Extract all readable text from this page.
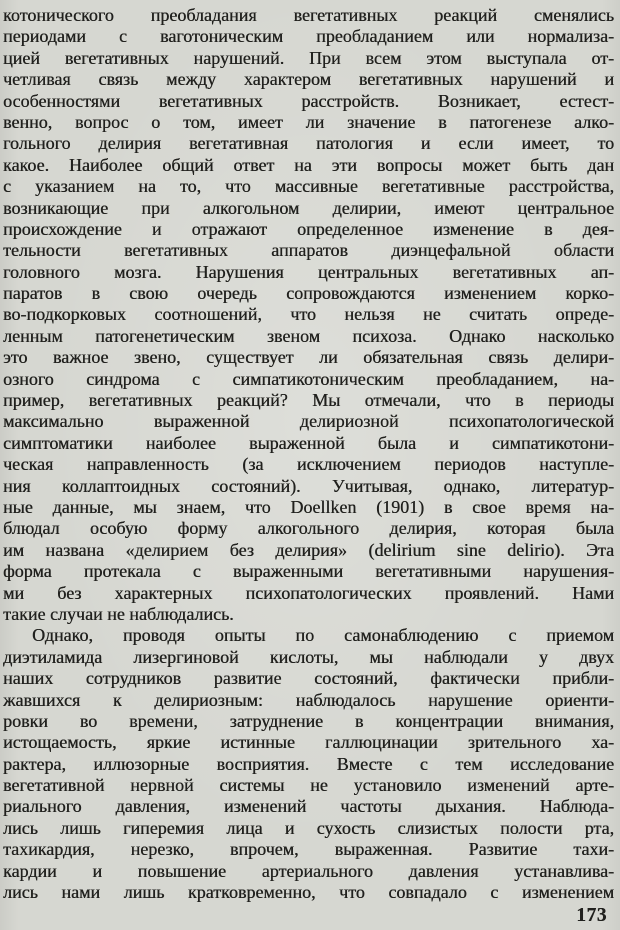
котонического преобладания вегетативных реакций сменялись
периодами с ваготоническим преобладанием или нормализа-
цией вегетативных нарушений. При всем этом выступала от-
четливая связь между характером вегетативных нарушений и
особенностями вегетативных расстройств. Возникает, естест-
венно, вопрос о том, имеет ли значение в патогенезе алко-
гольного делирия вегетативная патология и если имеет, то
какое. Наиболее общий ответ на эти вопросы может быть дан
с указанием на то, что массивные вегетативные расстройства,
возникающие при алкогольном делирии, имеют центральное
происхождение и отражают определенное изменение в дея-
тельности вегетативных аппаратов диэнцефальной области
головного мозга. Нарушения центральных вегетативных ап-
паратов в свою очередь сопровождаются изменением корко-
во-подкорковых соотношений, что нельзя не считать опреде-
ленным патогенетическим звеном психоза. Однако насколько
это важное звено, существует ли обязательная связь делири-
озного синдрома с симпатикотоническим преобладанием, на-
пример, вегетативных реакций? Мы отмечали, что в периоды
максимально выраженной делириозной психопатологической
симптоматики наиболее выраженной была и симпатикотони-
ческая направленность (за исключением периодов наступле-
ния коллаптоидных состояний). Учитывая, однако, литератур-
ные данные, мы знаем, что Doellken (1901) в свое время на-
блюдал особую форму алкогольного делирия, которая была
им названа «делирием без делирия» (delirium sine delirio). Эта
форма протекала с выраженными вегетативными нарушения-
ми без характерных психопатологических проявлений. Нами
такие случаи не наблюдались.
Однако, проводя опыты по самонаблюдению с приемом
диэтиламида лизергиновой кислоты, мы наблюдали у двух
наших сотрудников развитие состояний, фактически прибли-
жавшихся к делириозным: наблюдалось нарушение ориенти-
ровки во времени, затруднение в концентрации внимания,
истощаемость, яркие истинные галлюцинации зрительного ха-
рактера, иллюзорные восприятия. Вместе с тем исследование
вегетативной нервной системы не установило изменений арте-
риального давления, изменений частоты дыхания. Наблюда-
лись лишь гиперемия лица и сухость слизистых полости рта,
тахикардия, нерезко, впрочем, выраженная. Развитие тахи-
кардии и повышение артериального давления устанавлива-
лись нами лишь кратковременно, что совпадало с изменением
173
